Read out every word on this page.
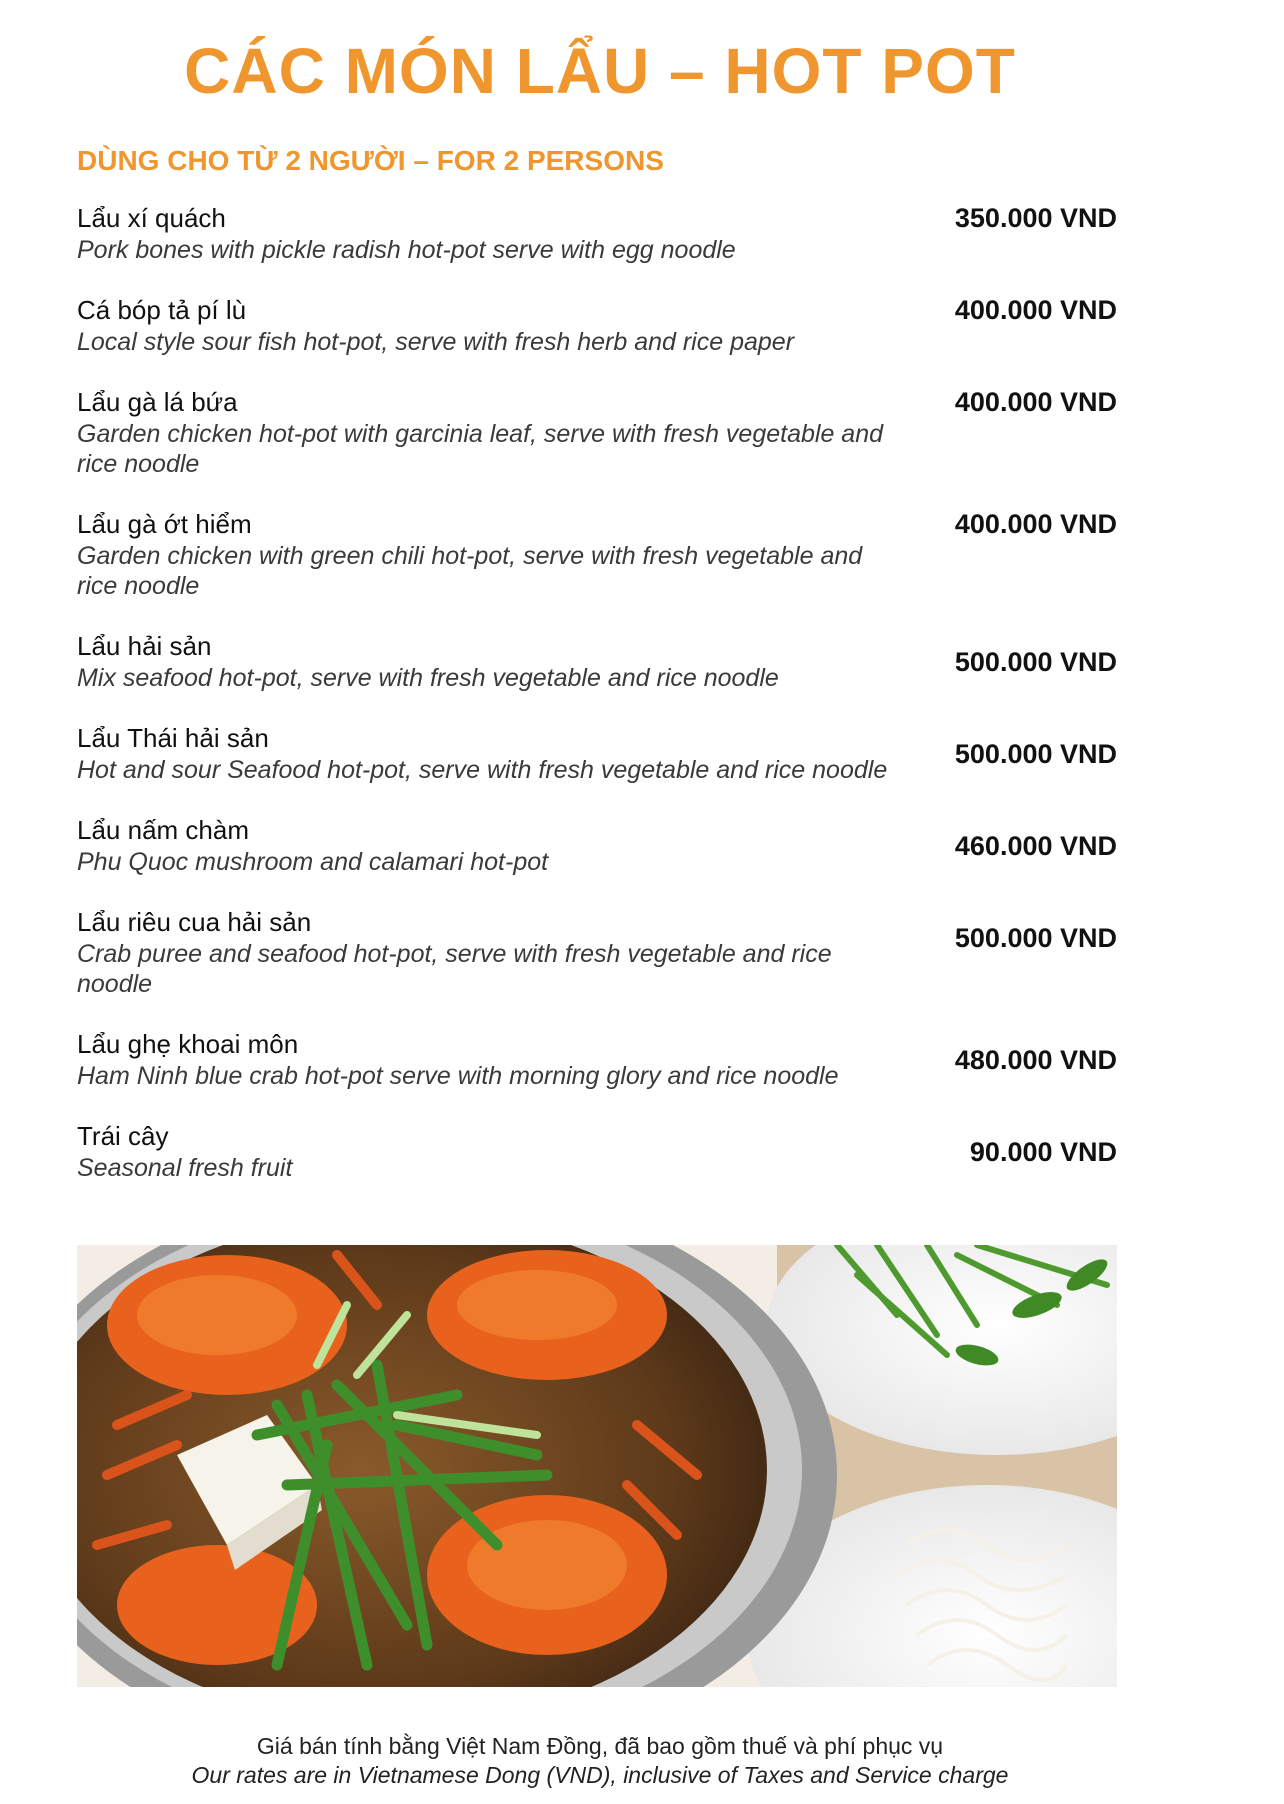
CÁC MÓN LẨU – HOT POT
DÙNG CHO TỪ 2 NGƯỜI – FOR 2 PERSONS
Lẩu xí quách
Pork bones with pickle radish hot-pot serve with egg noodle
350.000 VND
Cá bóp tả pí lù
Local style sour fish hot-pot, serve with fresh herb and rice paper
400.000 VND
Lẩu gà lá bứa
Garden chicken hot-pot with garcinia leaf, serve with fresh vegetable and rice noodle
400.000 VND
Lẩu gà ớt hiểm
Garden chicken with green chili hot-pot, serve with fresh vegetable and rice noodle
400.000 VND
Lẩu hải sản
Mix seafood hot-pot, serve with fresh vegetable and rice noodle
500.000 VND
Lẩu Thái hải sản
Hot and sour Seafood hot-pot, serve with fresh vegetable and rice noodle
500.000 VND
Lẩu nấm chàm
Phu Quoc mushroom and calamari hot-pot
460.000 VND
Lẩu riêu cua hải sản
Crab puree and seafood hot-pot, serve with fresh vegetable and rice noodle
500.000 VND
Lẩu ghẹ khoai môn
Ham Ninh blue crab hot-pot serve with morning glory and rice noodle
480.000 VND
Trái cây
Seasonal fresh fruit
90.000 VND
Giá bán tính bằng Việt Nam Đồng, đã bao gồm thuế và phí phục vụ
Our rates are in Vietnamese Dong (VND), inclusive of Taxes and Service charge
